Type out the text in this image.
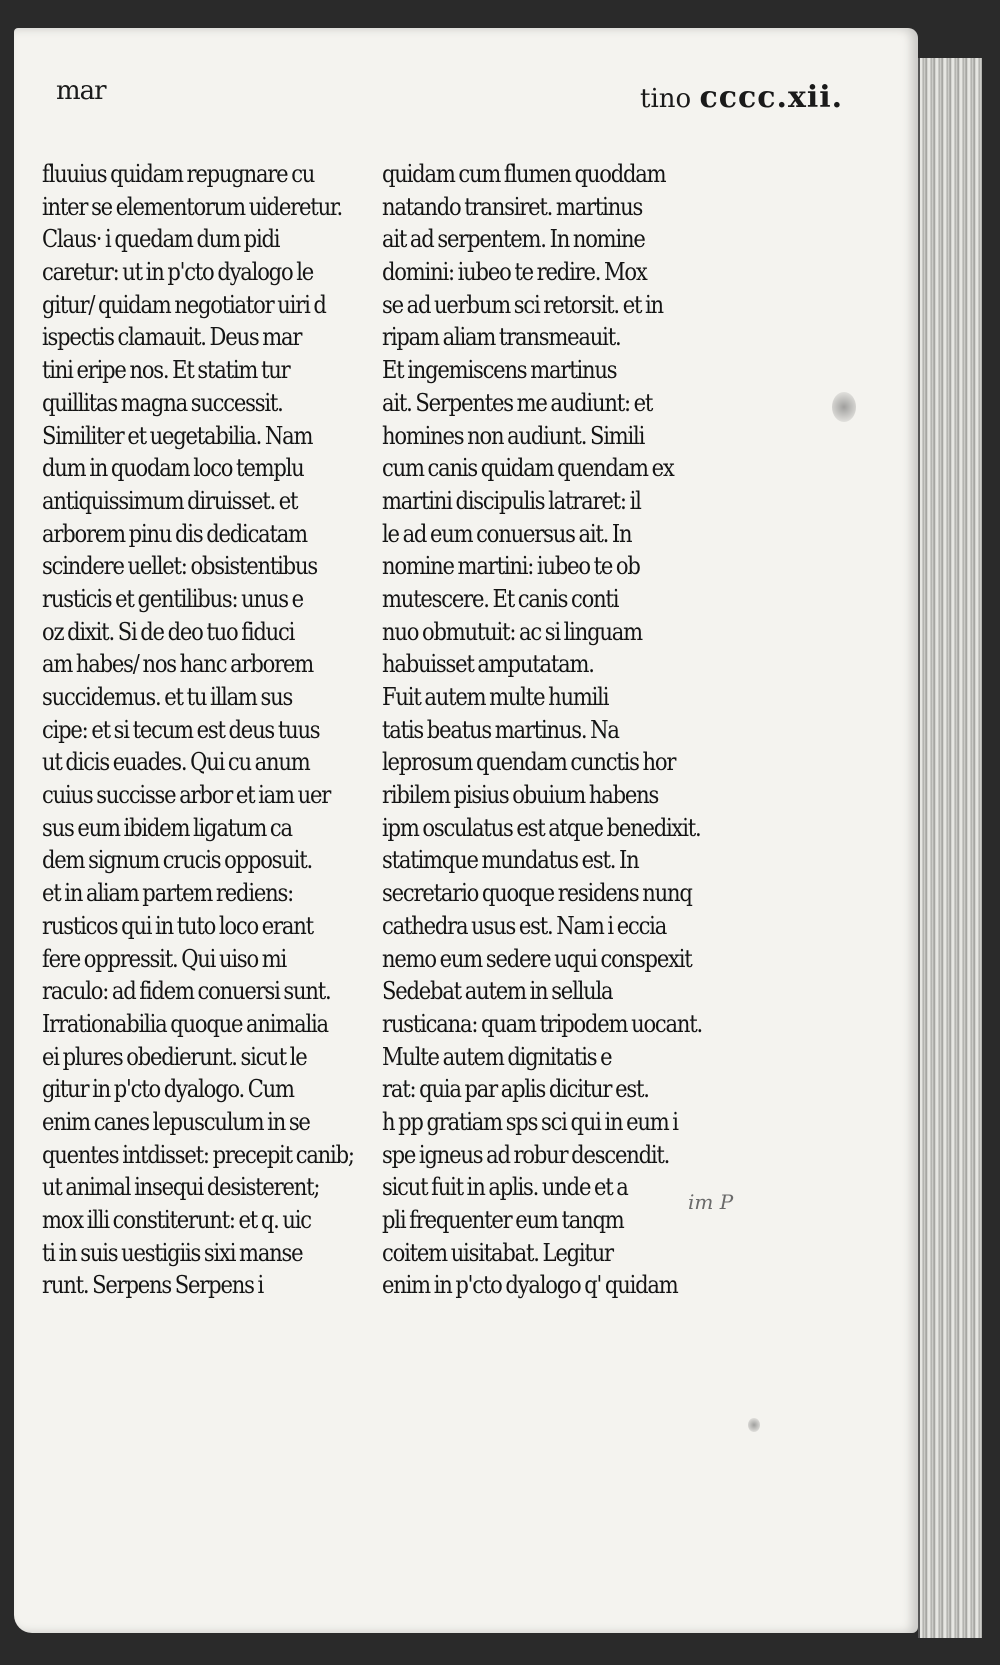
mar	tino cccc.xii.
fluuius quidam repugnare cu
inter se elementorum uideretur.
Claus· i quedam dum pidi
caretur: ut in p'cto dyalogo le
gitur/ quidam negotiator uiri d
ispectis clamauit. Deus mar
tini eripe nos. Et statim tur
quillitas magna successit.
Similiter et uegetabilia. Nam
dum in quodam loco templu
antiquissimum diruisset. et
arborem pinu dis dedicatam
scindere uellet: obsistentibus
rusticis et gentilibus: unus e
oz dixit. Si de deo tuo fiduci
am habes/ nos hanc arborem
succidemus. et tu illam sus
cipe: et si tecum est deus tuus
ut dicis euades. Qui cu anum
cuius succisse arbor et iam uer
sus eum ibidem ligatum ca
dem signum crucis opposuit.
et in aliam partem rediens:
rusticos qui in tuto loco erant
fere oppressit. Qui uiso mi
raculo: ad fidem conuersi sunt.
Irrationabilia quoque animalia
ei plures obedierunt. sicut le
gitur in p'cto dyalogo. Cum
enim canes lepusculum in se
quentes intdisset: precepit canib;
ut animal insequi desisterent;
mox illi constiterunt: et q. uic
ti in suis uestigiis sixi manse
runt. Serpens Serpens i
quidam cum flumen quoddam
natando transiret. martinus
ait ad serpentem. In nomine
domini: iubeo te redire. Mox
se ad uerbum sci retorsit. et in
ripam aliam transmeauit.
Et ingemiscens martinus
ait. Serpentes me audiunt: et
homines non audiunt. Simili
cum canis quidam quendam ex
martini discipulis latraret: il
le ad eum conuersus ait. In
nomine martini: iubeo te ob
mutescere. Et canis conti
nuo obmutuit: ac si linguam
habuisset amputatam.
Fuit autem multe humili
tatis beatus martinus. Na
leprosum quendam cunctis hor
ribilem pisius obuium habens
ipm osculatus est atque benedixit.
statimque mundatus est. In
secretario quoque residens nunq
cathedra usus est. Nam i eccia
nemo eum sedere uqui conspexit
Sedebat autem in sellula
rusticana: quam tripodem uocant.
Multe autem dignitatis e
rat: quia par aplis dicitur est.
h pp gratiam sps sci qui in eum i
spe igneus ad robur descendit.
sicut fuit in aplis. unde et a
pli frequenter eum tanqm
coitem uisitabat. Legitur
enim in p'cto dyalogo q' quidam
im P
